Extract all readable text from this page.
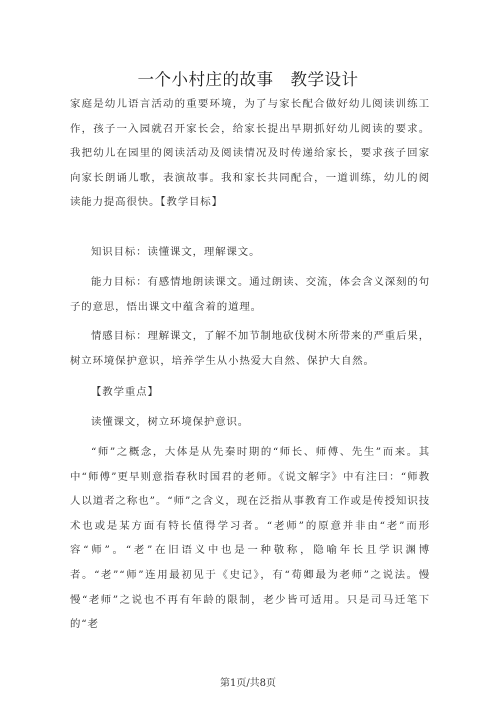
一个小村庄的故事　教学设计

家庭是幼儿语言活动的重要环境，为了与家长配合做好幼儿阅读训练工作，孩子一入园就召开家长会，给家长提出早期抓好幼儿阅读的要求。我把幼儿在园里的阅读活动及阅读情况及时传递给家长，要求孩子回家向家长朗诵儿歌，表演故事。我和家长共同配合，一道训练，幼儿的阅读能力提高很快。【教学目标】

知识目标：读懂课文，理解课文。

能力目标：有感情地朗读课文。通过朗读、交流，体会含义深刻的句子的意思，悟出课文中蕴含着的道理。

情感目标：理解课文，了解不加节制地砍伐树木所带来的严重后果，树立环境保护意识，培养学生从小热爱大自然、保护大自然。

【教学重点】

读懂课文，树立环境保护意识。

“师”之概念，大体是从先秦时期的“师长、师傅、先生”而来。其中“师傅”更早则意指春秋时国君的老师。《说文解字》中有注曰：“师教人以道者之称也”。“师”之含义，现在泛指从事教育工作或是传授知识技术也或是某方面有特长值得学习者。“老师”的原意并非由“老”而形容“师”。“老”在旧语义中也是一种敬称，隐喻年长且学识渊博者。“老”“师”连用最初见于《史记》，有“荀卿最为老师”之说法。慢慢“老师”之说也不再有年龄的限制，老少皆可适用。只是司马迁笔下的“老

第1页/共8页
